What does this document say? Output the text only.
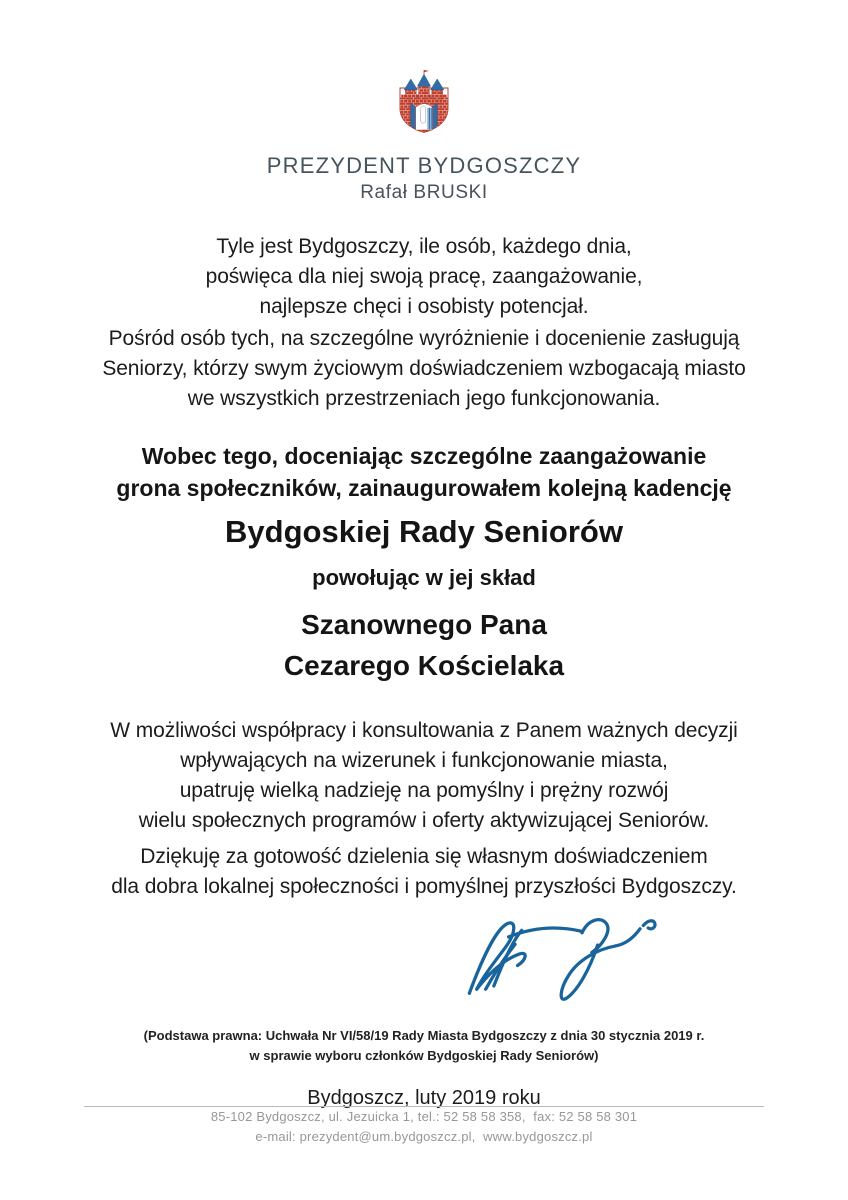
PREZYDENT BYDGOSZCZY
Rafał BRUSKI
Tyle jest Bydgoszczy, ile osób, każdego dnia,
poświęca dla niej swoją pracę, zaangażowanie,
najlepsze chęci i osobisty potencjał.
Pośród osób tych, na szczególne wyróżnienie i docenienie zasługują
Seniorzy, którzy swym życiowym doświadczeniem wzbogacają miasto
we wszystkich przestrzeniach jego funkcjonowania.
Wobec tego, doceniając szczególne zaangażowanie
grona społeczników, zainaugurowałem kolejną kadencję
Bydgoskiej Rady Seniorów
powołując w jej skład
Szanownego Pana
Cezarego Kościelaka
W możliwości współpracy i konsultowania z Panem ważnych decyzji
wpływających na wizerunek i funkcjonowanie miasta,
upatruję wielką nadzieję na pomyślny i prężny rozwój
wielu społecznych programów i oferty aktywizującej Seniorów.
Dziękuję za gotowość dzielenia się własnym doświadczeniem
dla dobra lokalnej społeczności i pomyślnej przyszłości Bydgoszczy.
(Podstawa prawna: Uchwała Nr VI/58/19 Rady Miasta Bydgoszczy z dnia 30 stycznia 2019 r.
w sprawie wyboru członków Bydgoskiej Rady Seniorów)
Bydgoszcz, luty 2019 roku
85-102 Bydgoszcz, ul. Jezuicka 1, tel.: 52 58 58 358,  fax: 52 58 58 301
e-mail: prezydent@um.bydgoszcz.pl,  www.bydgoszcz.pl
